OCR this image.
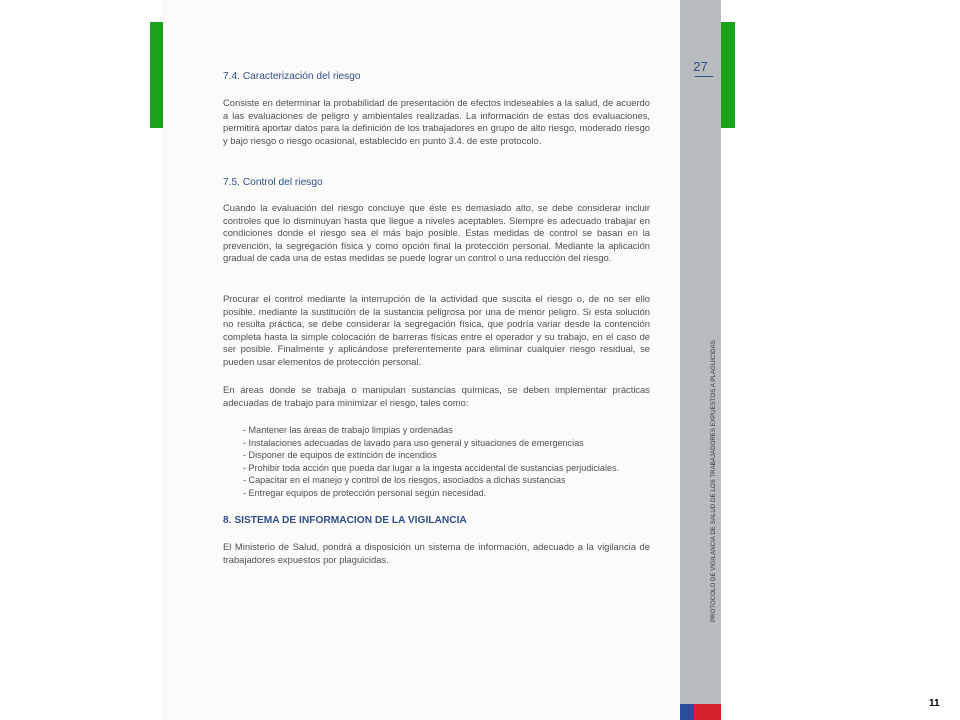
27
PROTOCOLO DE VIGILANCIA DE SALUD DE LOS TRABAJADORES EXPUESTOS A PLAGUICIDAS
7.4. Caracterización del riesgo

Consiste en determinar la probabilidad de presentación de efectos indeseables a la salud, de acuerdo a las evaluaciones de peligro y ambientales realizadas. La información de estas dos evaluaciones, permitirá aportar datos para la definición de los trabajadores en grupo de alto riesgo, moderado riesgo y bajo riesgo o riesgo ocasional, establecido en punto 3.4. de este protocolo.

7.5. Control del riesgo

Cuando la evaluación del riesgo concluye que éste es demasiado alto, se debe considerar incluir controles que lo disminuyan hasta que llegue a niveles aceptables. Siempre es adecuado trabajar en condiciones donde el riesgo sea el más bajo posible. Estas medidas de control se basan en la prevención, la segregación física y como opción final la protección personal. Mediante la aplicación gradual de cada una de estas medidas se puede lograr un control o una reducción del riesgo.

Procurar el control mediante la interrupción de la actividad que suscita el riesgo o, de no ser ello posible, mediante la sustitución de la sustancia peligrosa por una de menor peligro. Si esta solución no resulta práctica, se debe considerar la segregación física, que podría variar desde la contención completa hasta la simple colocación de barreras físicas entre el operador y su trabajo, en el caso de ser posible. Finalmente y aplicándose preferentemente para eliminar cualquier riesgo residual, se pueden usar elementos de protección personal.

En áreas donde se trabaja o manipulan sustancias químicas, se deben implementar prácticas adecuadas de trabajo para minimizar el riesgo, tales como:

- Mantener las áreas de trabajo limpias y ordenadas
- Instalaciones adecuadas de lavado para uso general y situaciones de emergencias
- Disponer de equipos de extinción de incendios
- Prohibir toda acción que pueda dar lugar a la ingesta accidental de sustancias perjudiciales.
- Capacitar en el manejo y control de los riesgos, asociados a dichas sustancias
- Entregar equipos de protección personal según necesidad.
8. SISTEMA DE INFORMACION DE LA VIGILANCIA

El Ministerio de Salud, pondrá a disposición un sistema de información, adecuado a la vigilancia de trabajadores expuestos por plaguicidas.

11
